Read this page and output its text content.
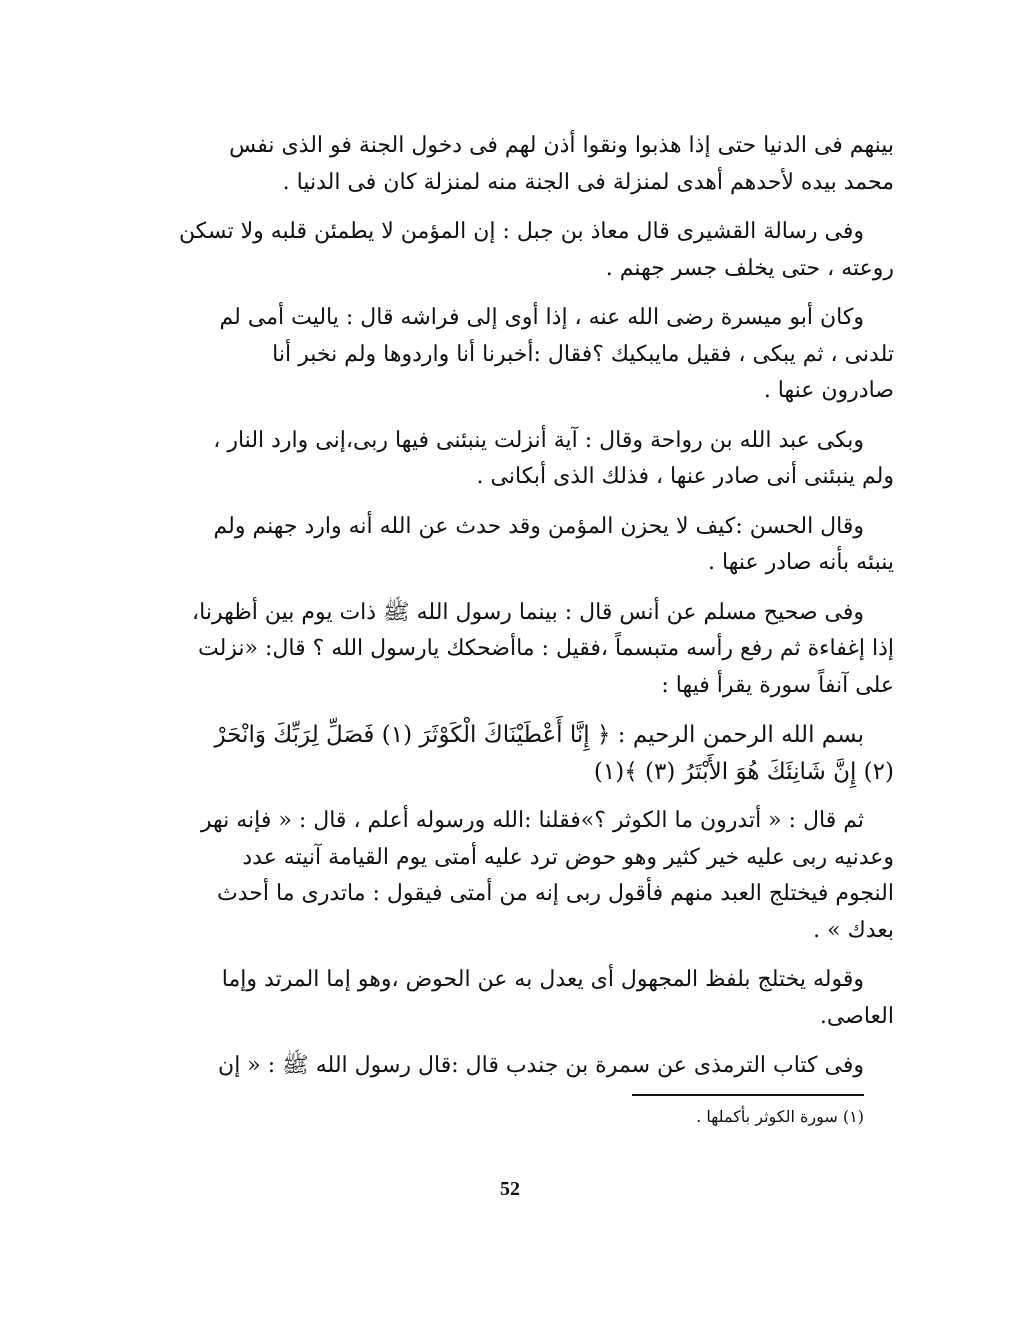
بينهم فى الدنيا حتى إذا هذبوا ونقوا أذن لهم فى دخول الجنة فو الذى نفس

محمد بيده لأحدهم أهدى لمنزلة فى الجنة منه لمنزلة كان فى الدنيا .

وفى رسالة القشيرى قال معاذ بن جبل : إن المؤمن لا يطمئن قلبه ولا تسكن

روعته ، حتى يخلف جسر جهنم .

وكان أبو ميسرة رضى الله عنه ، إذا أوى إلى فراشه قال : ياليت أمى لم

تلدنى ، ثم يبكى ، فقيل مايبكيك ؟فقال :أخبرنا أنا واردوها ولم نخبر أنا

صادرون عنها .

وبكى عبد الله بن رواحة وقال : آية أنزلت ينبئنى فيها ربى،إنى وارد النار ،

ولم ينبئنى أنى صادر عنها ، فذلك الذى أبكانى .

وقال الحسن :كيف لا يحزن المؤمن وقد حدث عن الله أنه وارد جهنم ولم

ينبئه بأنه صادر عنها .

وفى صحيح مسلم عن أنس قال : بينما رسول الله ﷺ ذات يوم بين أظهرنا،

إذا إغفاءة ثم رفع رأسه متبسماً ،فقيل : ماأضحكك يارسول الله ؟ قال: «نزلت

على آنفاً سورة يقرأ فيها :

بسم الله الرحمن الرحيم : ﴿ إِنَّا أَعْطَيْنَاكَ الْكَوْثَرَ (١) فَصَلِّ لِرَبِّكَ وَانْحَرْ

(٢) إِنَّ شَانِئَكَ هُوَ الأَبْتَرُ (٣) ﴾(١)

ثم قال : « أتدرون ما الكوثر ؟»فقلنا :الله ورسوله أعلم ، قال : « فإنه نهر

وعدنيه ربى عليه خير كثير وهو حوض ترد عليه أمتى يوم القيامة آنيته عدد

النجوم فيختلج العبد منهم فأقول ربى إنه من أمتى فيقول : ماتدرى ما أحدث

بعدك » .

وقوله يختلج بلفظ المجهول أى يعدل به عن الحوض ،وهو إما المرتد وإما

العاصى.

وفى كتاب الترمذى عن سمرة بن جندب قال :قال رسول الله ﷺ : « إن

(١) سورة الكوثر بأكملها .
52
